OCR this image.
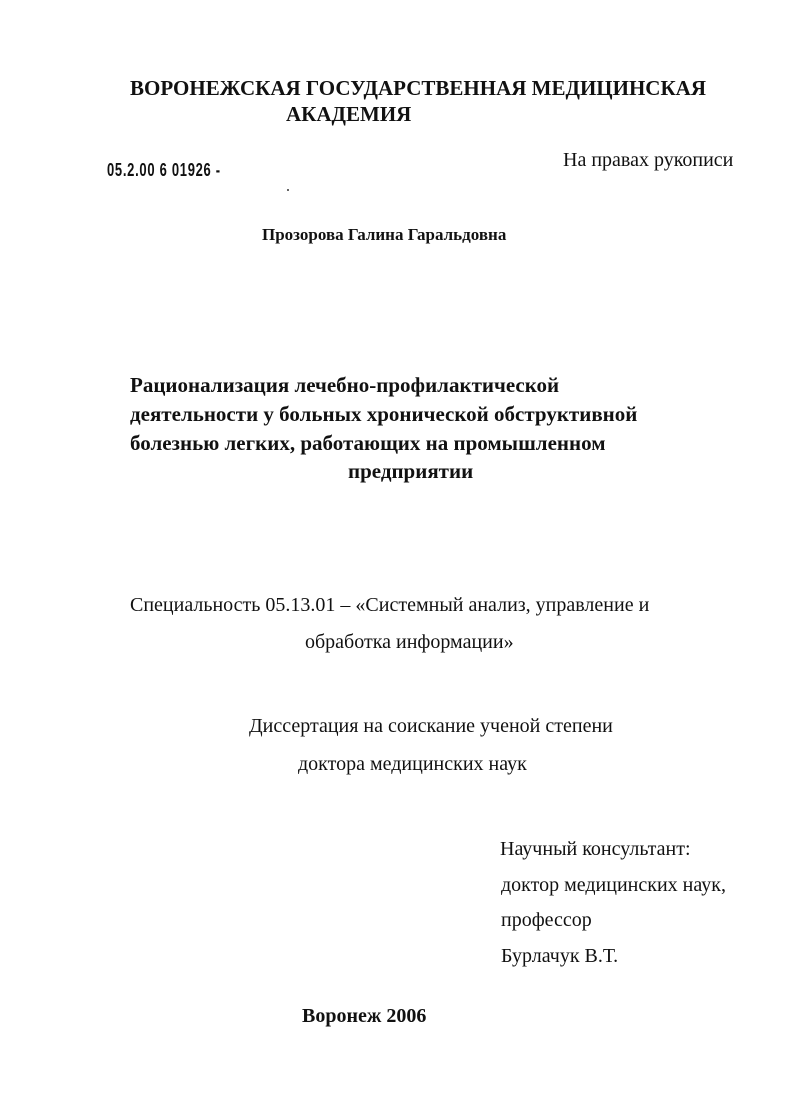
ВОРОНЕЖСКАЯ ГОСУДАРСТВЕННАЯ МЕДИЦИНСКАЯ
АКАДЕМИЯ
05.2.00 6 01926 -	На правах рукописи
Прозорова Галина Гаральдовна
Рационализация лечебно-профилактической
деятельности у больных хронической обструктивной
болезнью легких, работающих на промышленном
предприятии
Специальность 05.13.01 – «Системный анализ, управление и
обработка информации»
Диссертация на соискание ученой степени
доктора медицинских наук
Научный консультант:
доктор медицинских наук,
профессор
Бурлачук В.Т.
Воронеж 2006
